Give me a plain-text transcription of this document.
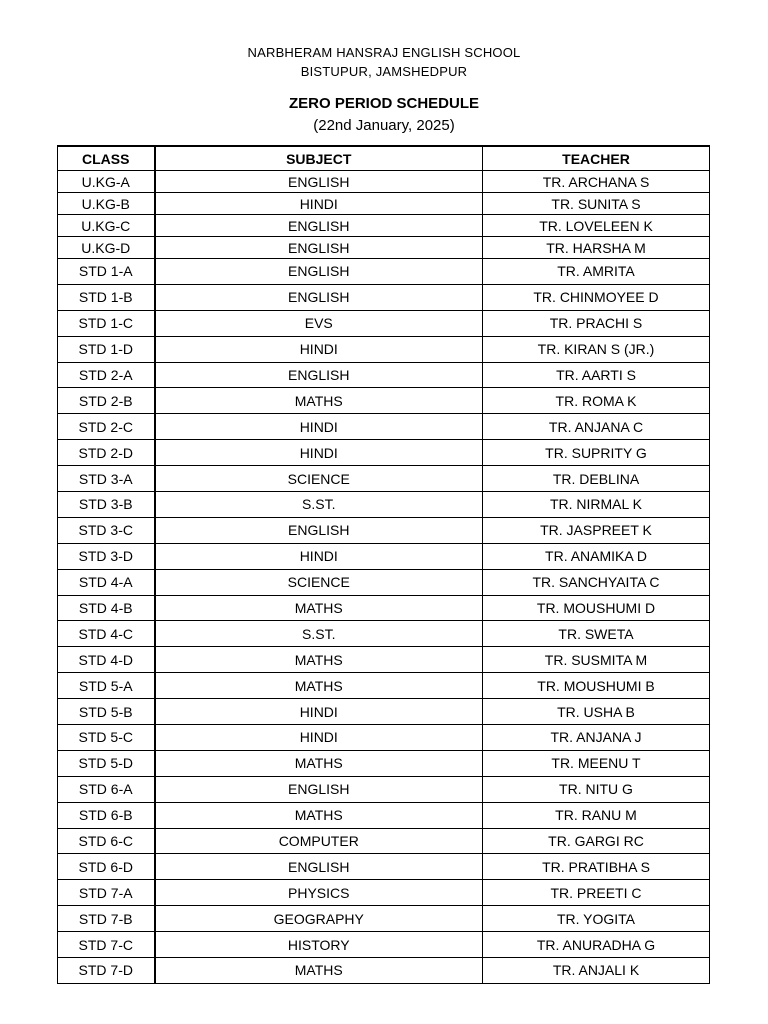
NARBHERAM HANSRAJ ENGLISH SCHOOL
BISTUPUR, JAMSHEDPUR
ZERO PERIOD SCHEDULE
(22nd January, 2025)
CLASS	SUBJECT	TEACHER
U.KG-A	ENGLISH	TR. ARCHANA S
U.KG-B	HINDI	TR. SUNITA S
U.KG-C	ENGLISH	TR. LOVELEEN K
U.KG-D	ENGLISH	TR. HARSHA M
STD 1-A	ENGLISH	TR. AMRITA
STD 1-B	ENGLISH	TR. CHINMOYEE D
STD 1-C	EVS	TR. PRACHI S
STD 1-D	HINDI	TR. KIRAN S (JR.)
STD 2-A	ENGLISH	TR. AARTI S
STD 2-B	MATHS	TR. ROMA K
STD 2-C	HINDI	TR. ANJANA C
STD 2-D	HINDI	TR. SUPRITY G
STD 3-A	SCIENCE	TR. DEBLINA
STD 3-B	S.ST.	TR. NIRMAL K
STD 3-C	ENGLISH	TR. JASPREET K
STD 3-D	HINDI	TR. ANAMIKA D
STD 4-A	SCIENCE	TR. SANCHYAITA C
STD 4-B	MATHS	TR. MOUSHUMI D
STD 4-C	S.ST.	TR. SWETA
STD 4-D	MATHS	TR. SUSMITA M
STD 5-A	MATHS	TR. MOUSHUMI B
STD 5-B	HINDI	TR. USHA B
STD 5-C	HINDI	TR. ANJANA J
STD 5-D	MATHS	TR. MEENU T
STD 6-A	ENGLISH	TR. NITU G
STD 6-B	MATHS	TR. RANU M
STD 6-C	COMPUTER	TR. GARGI RC
STD 6-D	ENGLISH	TR. PRATIBHA S
STD 7-A	PHYSICS	TR. PREETI C
STD 7-B	GEOGRAPHY	TR. YOGITA
STD 7-C	HISTORY	TR. ANURADHA G
STD 7-D	MATHS	TR. ANJALI K
